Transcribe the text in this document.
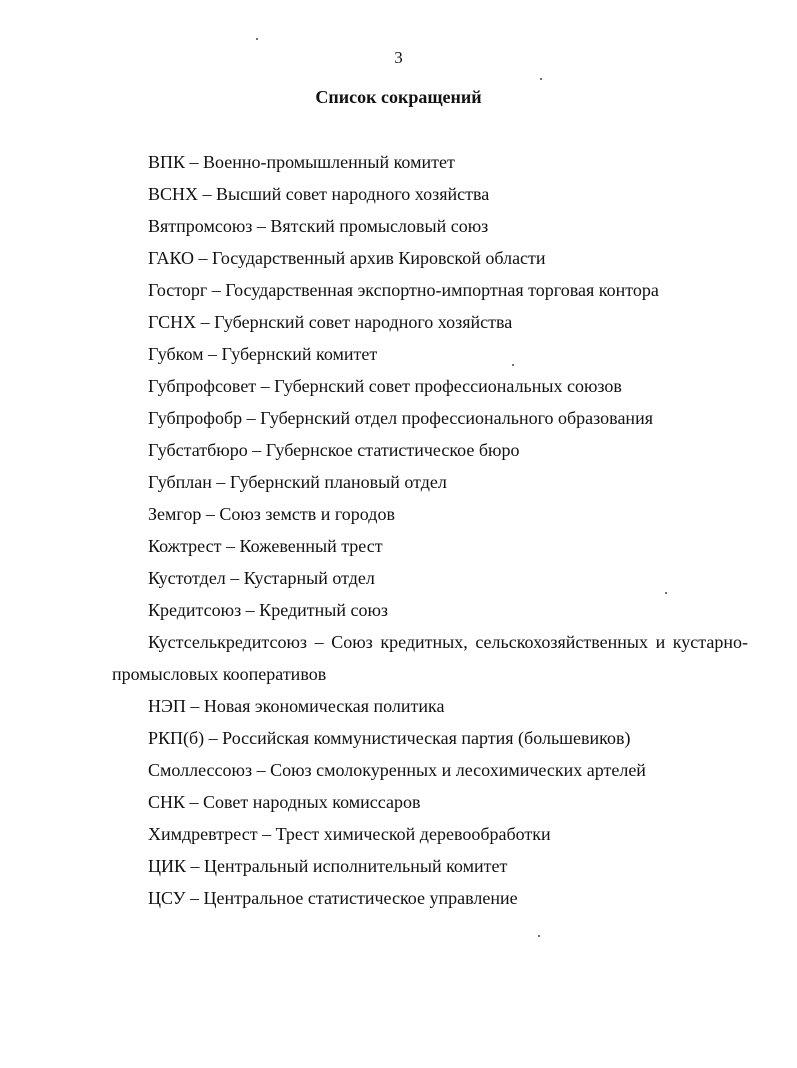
3
Список сокращений
ВПК – Военно-промышленный комитет
ВСНХ – Высший совет народного хозяйства
Вятпромсоюз – Вятский промысловый союз
ГАКО – Государственный архив Кировской области
Госторг – Государственная экспортно-импортная торговая контора
ГСНХ – Губернский совет народного хозяйства
Губком – Губернский комитет
Губпрофсовет – Губернский совет профессиональных союзов
Губпрофобр – Губернский отдел профессионального образования
Губстатбюро – Губернское статистическое бюро
Губплан – Губернский плановый отдел
Земгор – Союз земств и городов
Кожтрест – Кожевенный трест
Кустотдел – Кустарный отдел
Кредитсоюз – Кредитный союз
Кустселькредитсоюз – Союз кредитных, сельскохозяйственных и кустарно-промысловых кооперативов
НЭП – Новая экономическая политика
РКП(б) – Российская коммунистическая партия (большевиков)
Смоллессоюз – Союз смолокуренных и лесохимических артелей
СНК – Совет народных комиссаров
Химдревтрест – Трест химической деревообработки
ЦИК – Центральный исполнительный комитет
ЦСУ – Центральное статистическое управление
